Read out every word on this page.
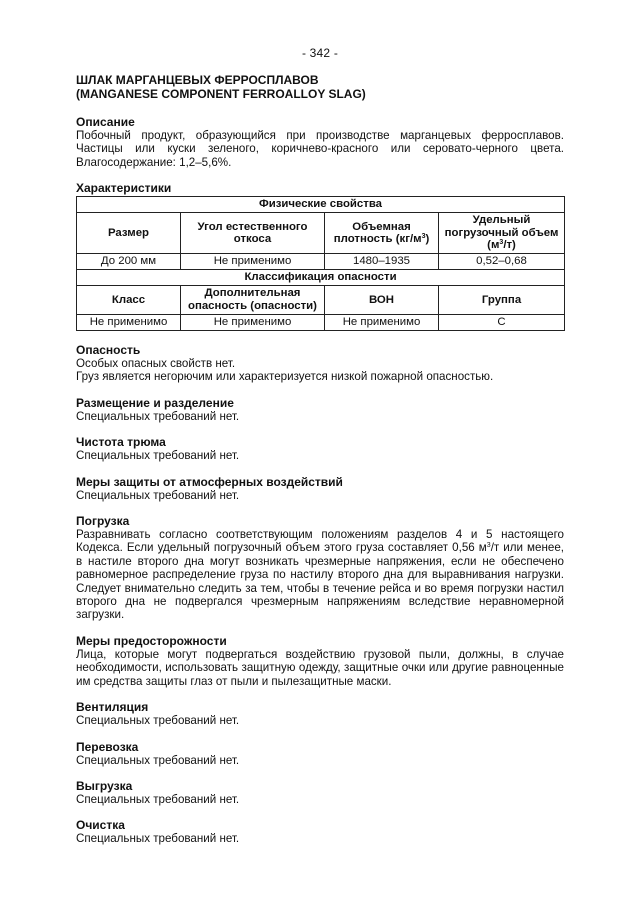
- 342 -

ШЛАК МАРГАНЦЕВЫХ ФЕРРОСПЛАВОВ

(MANGANESE COMPONENT FERROALLOY SLAG)

Описание

Побочный продукт, образующийся при производстве марганцевых ферросплавов. Частицы или куски зеленого, коричнево-красного или серовато-черного цвета. Влагосодержание: 1,2–5,6%.

Характеристики

Физические свойства			
Размер	Угол естественного откоса	Объемная плотность $(кг/м^3)$	Удельный погрузочный объем $(м^3/т)$
До 200 мм	Не применимо	1480–1935	0,52–0,68
Классификация опасности			
Класс	Дополнительная опасность (опасности)	ВОН	Группа
Не применимо	Не применимо	Не применимо	C

Опасность

Особых опасных свойств нет.

Груз является негорючим или характеризуется низкой пожарной опасностью.

Размещение и разделение

Специальных требований нет.

Чистота трюма

Специальных требований нет.

Меры защиты от атмосферных воздействий

Специальных требований нет.

Погрузка

Разравнивать согласно соответствующим положениям разделов 4 и 5 настоящего Кодекса. Если удельный погрузочный объем этого груза составляет 0,56 $м^3/т$ или менее, в настиле второго дна могут возникать чрезмерные напряжения, если не обеспечено равномерное распределение груза по настилу второго дна для выравнивания нагрузки. Следует внимательно следить за тем, чтобы в течение рейса и во время погрузки настил второго дна не подвергался чрезмерным напряжениям вследствие неравномерной загрузки.

Меры предосторожности

Лица, которые могут подвергаться воздействию грузовой пыли, должны, в случае необходимости, использовать защитную одежду, защитные очки или другие равноценные им средства защиты глаз от пыли и пылезащитные маски.

Вентиляция

Специальных требований нет.

Перевозка

Специальных требований нет.

Выгрузка

Специальных требований нет.

Очистка

Специальных требований нет.
